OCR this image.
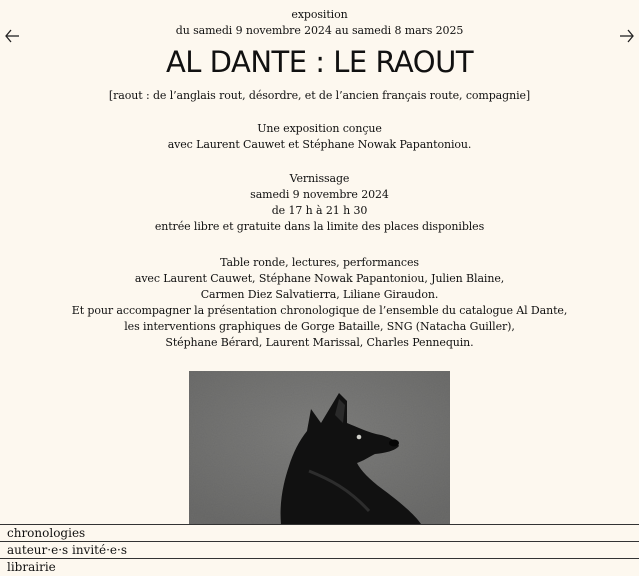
exposition
du samedi 9 novembre 2024 au samedi 8 mars 2025
AL DANTE : LE RAOUT
[raout : de l’anglais rout, désordre, et de l’ancien français route, compagnie]
Une exposition conçue
avec Laurent Cauwet et Stéphane Nowak Papantoniou.
Vernissage
samedi 9 novembre 2024
de 17 h à 21 h 30
entrée libre et gratuite dans la limite des places disponibles
Table ronde, lectures, performances
avec Laurent Cauwet, Stéphane Nowak Papantoniou, Julien Blaine,
Carmen Diez Salvatierra, Liliane Giraudon.
Et pour accompagner la présentation chronologique de l’ensemble du catalogue Al Dante,
les interventions graphiques de Gorge Bataille, SNG (Natacha Guiller),
Stéphane Bérard, Laurent Marissal, Charles Pennequin.
chronologies
auteur·e·s invité·e·s
librairie
